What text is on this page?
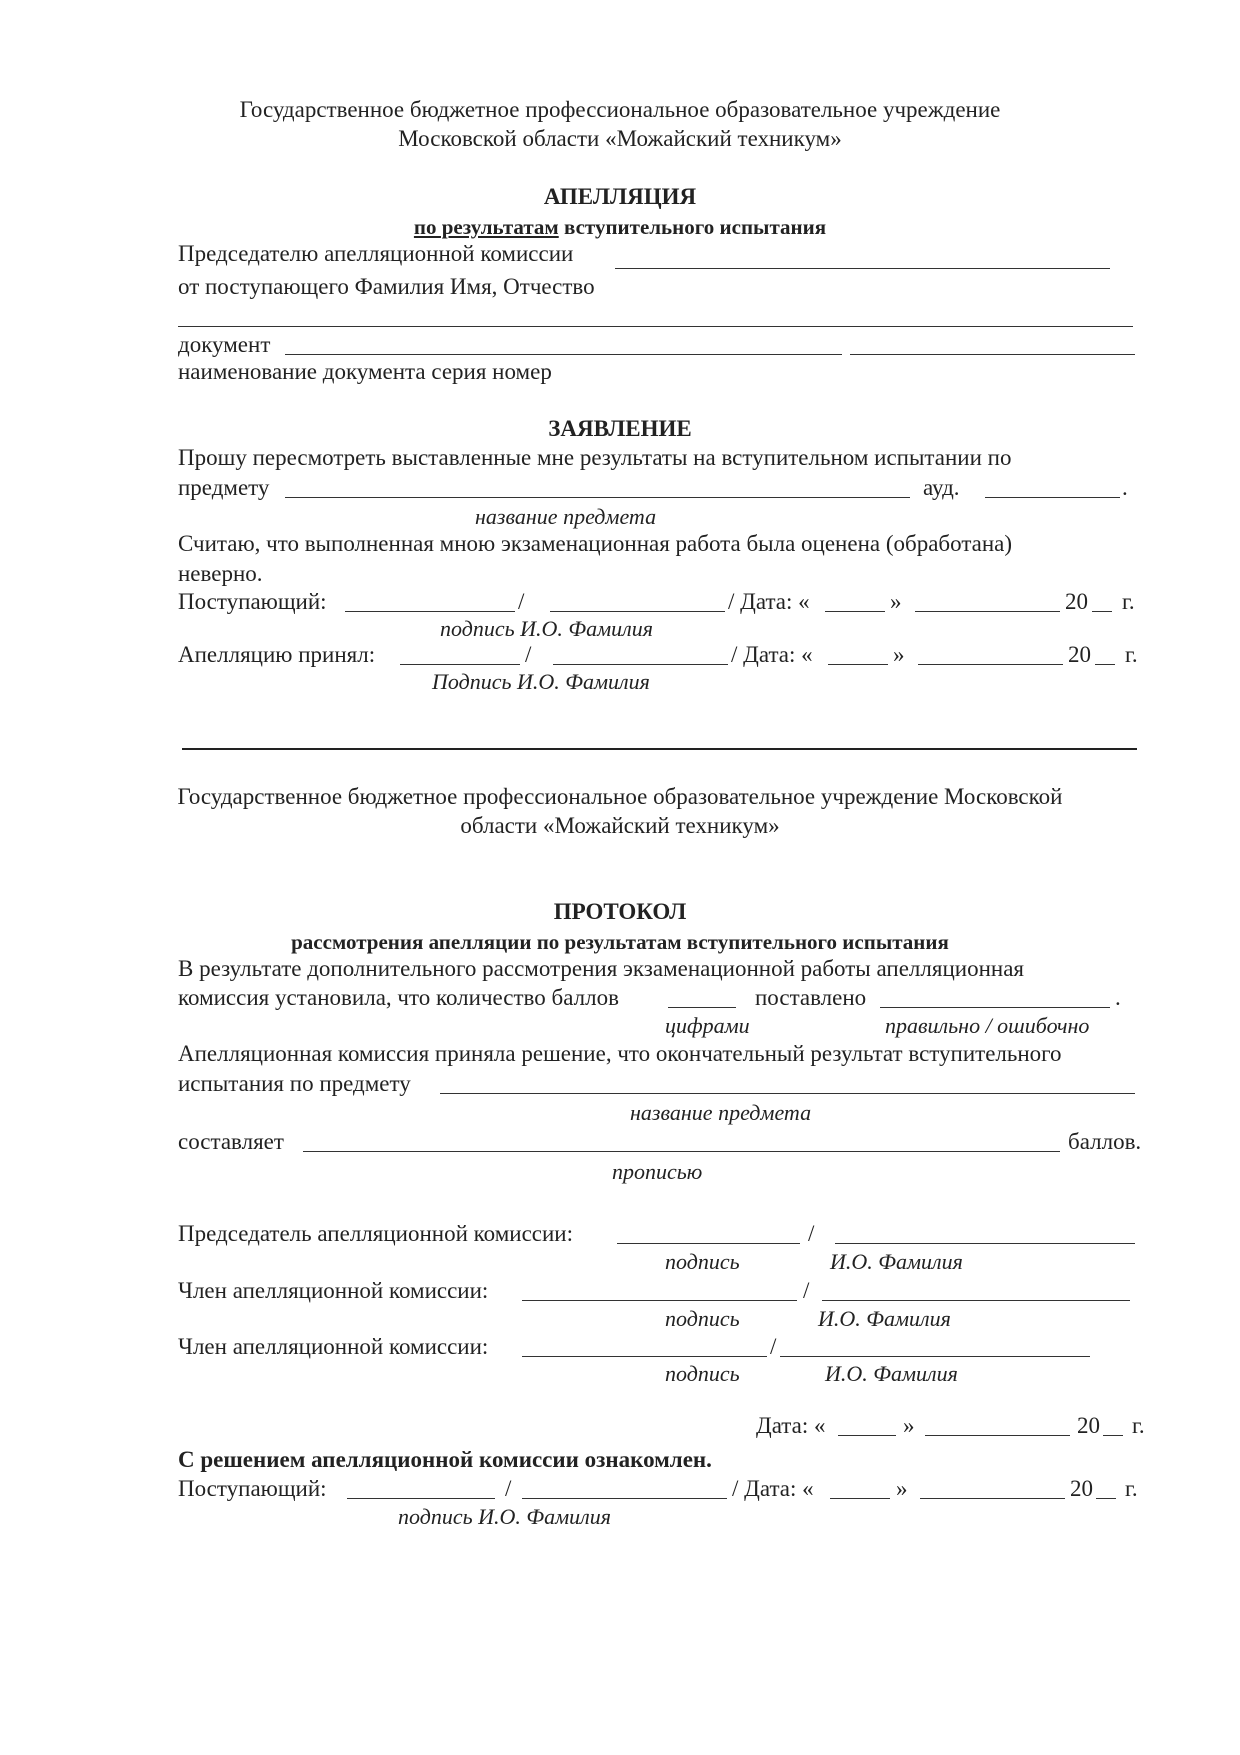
Государственное бюджетное профессиональное образовательное учреждение
Московской области «Можайский техникум»
АПЕЛЛЯЦИЯ
по результатам вступительного испытания
Председателю апелляционной комиссии
от поступающего Фамилия Имя, Отчество
документ
наименование документа серия номер
ЗАЯВЛЕНИЕ
Прошу пересмотреть выставленные мне результаты на вступительном испытании по
предмету	ауд.	.
название предмета
Считаю, что выполненная мною экзаменационная работа была оценена (обработана)
неверно.
Поступающий:	/	/ Дата: «	»	20 г.
подпись И.О. Фамилия
Апелляцию принял:	/	/ Дата: «	»	20 г.
Подпись И.О. Фамилия
Государственное бюджетное профессиональное образовательное учреждение Московской
области «Можайский техникум»
ПРОТОКОЛ
рассмотрения апелляции по результатам вступительного испытания
В результате дополнительного рассмотрения экзаменационной работы апелляционная
комиссия установила, что количество баллов	поставлено	.
цифрами	правильно / ошибочно
Апелляционная комиссия приняла решение, что окончательный результат вступительного
испытания по предмету
название предмета
составляет	баллов.
прописью
Председатель апелляционной комиссии:	/
подпись	И.О. Фамилия
Член апелляционной комиссии:	/
подпись	И.О. Фамилия
Член апелляционной комиссии:	/
подпись	И.О. Фамилия
Дата: «	»	20 г.
С решением апелляционной комиссии ознакомлен.
Поступающий:	/	/ Дата: «	»	20 г.
подпись И.О. Фамилия
